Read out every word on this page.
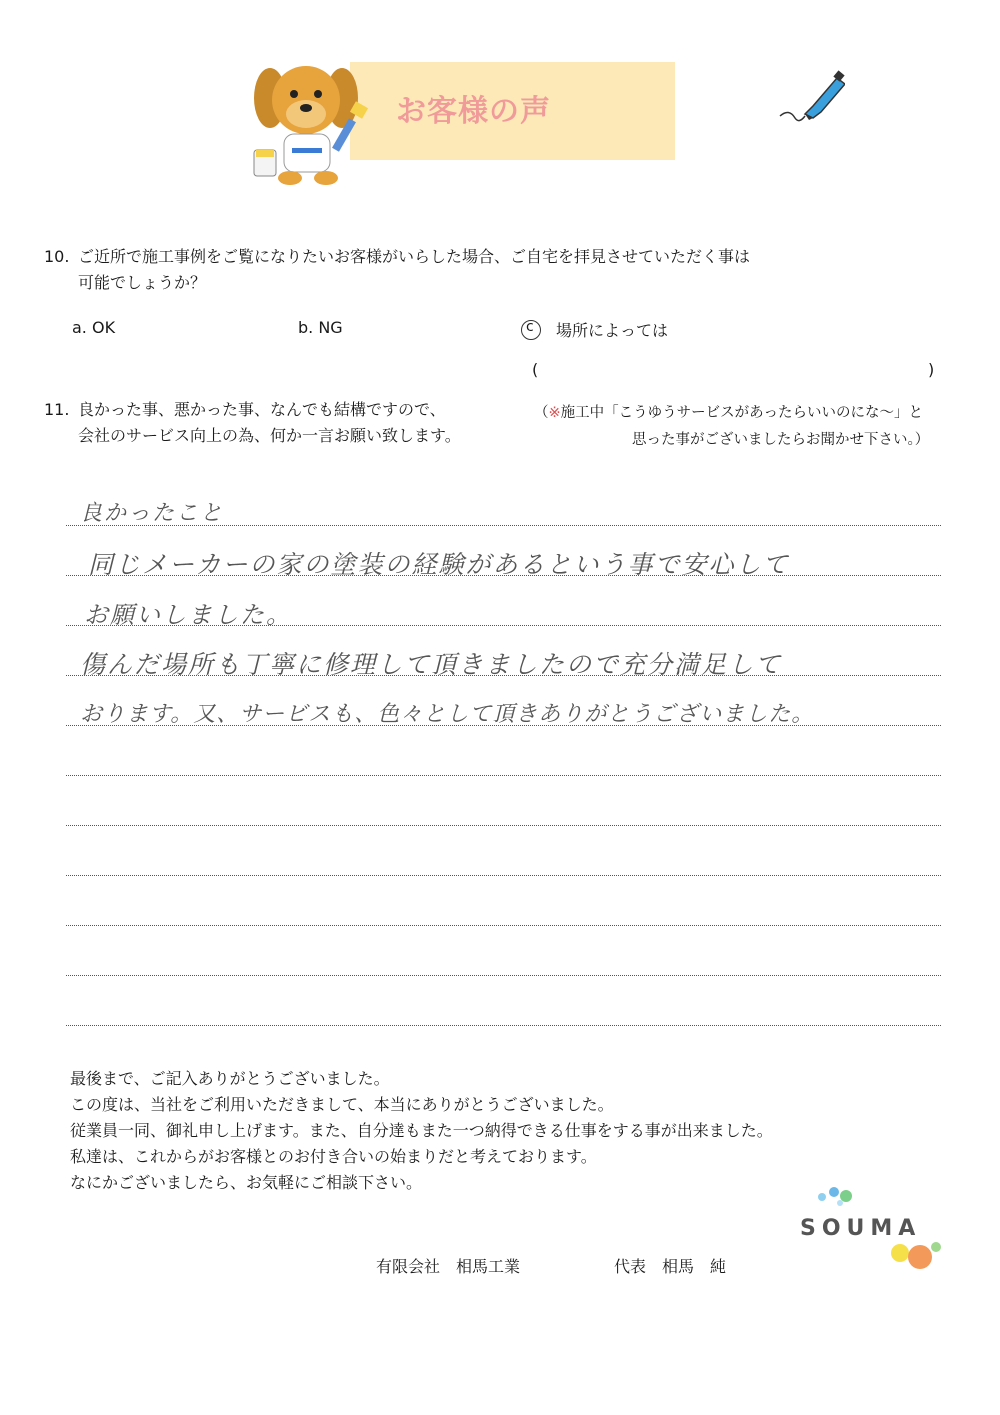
お客様の声
10. ご近所で施工事例をご覧になりたいお客様がいらした場合、ご自宅を拝見させていただく事は
可能でしょうか？
a. OK	b. NG	c 場所によっては
(	)
11. 良かった事、悪かった事、なんでも結構ですので、
会社のサービス向上の為、何か一言お願い致します。
（※施工中「こうゆうサービスがあったらいいのにな～」と
思った事がございましたらお聞かせ下さい。）
良かったこと
同じメーカーの家の塗装の経験があるという事で安心して
お願いしました。
傷んだ場所も丁寧に修理して頂きましたので充分満足して
おります。又、サービスも、色々として頂きありがとうございました。
最後まで、ご記入ありがとうございました。
この度は、当社をご利用いただきまして、本当にありがとうございました。
従業員一同、御礼申し上げます。また、自分達もまた一つ納得できる仕事をする事が出来ました。
私達は、これからがお客様とのお付き合いの始まりだと考えております。
なにかございましたら、お気軽にご相談下さい。
SOUMA
有限会社　相馬工業	代表　相馬　純
